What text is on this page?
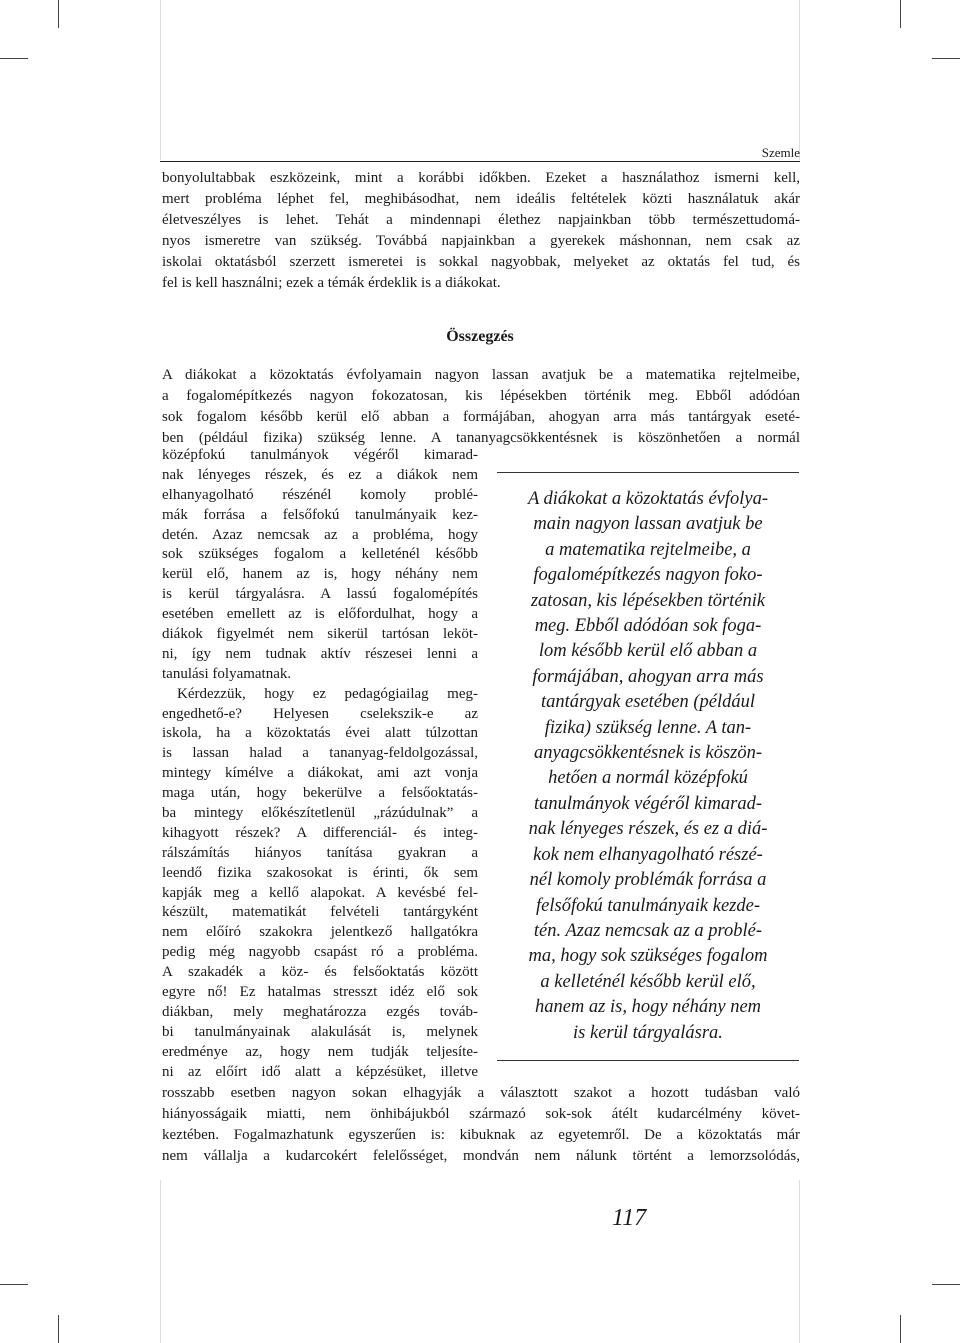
Szemle
bonyolultabbak eszközeink, mint a korábbi időkben. Ezeket a használathoz ismerni kell,
mert probléma léphet fel, meghibásodhat, nem ideális feltételek közti használatuk akár
életveszélyes is lehet. Tehát a mindennapi élethez napjainkban több természettudomá-
nyos ismeretre van szükség. Továbbá napjainkban a gyerekek máshonnan, nem csak az
iskolai oktatásból szerzett ismeretei is sokkal nagyobbak, melyeket az oktatás fel tud, és
fel is kell használni; ezek a témák érdeklik is a diákokat.
Összegzés
A diákokat a közoktatás évfolyamain nagyon lassan avatjuk be a matematika rejtelmeibe,
a fogalomépítkezés nagyon fokozatosan, kis lépésekben történik meg. Ebből adódóan
sok fogalom később kerül elő abban a formájában, ahogyan arra más tantárgyak eseté-
ben (például fizika) szükség lenne. A tananyagcsökkentésnek is köszönhetően a normál
középfokú tanulmányok végéről kimarad-
nak lényeges részek, és ez a diákok nem
elhanyagolható részénél komoly problé-
mák forrása a felsőfokú tanulmányaik kez-
detén. Azaz nemcsak az a probléma, hogy
sok szükséges fogalom a kelleténél később
kerül elő, hanem az is, hogy néhány nem
is kerül tárgyalásra. A lassú fogalomépítés
esetében emellett az is előfordulhat, hogy a
diákok figyelmét nem sikerül tartósan leköt-
ni, így nem tudnak aktív részesei lenni a
tanulási folyamatnak.
Kérdezzük, hogy ez pedagógiailag meg-
engedhető-e? Helyesen cselekszik-e az
iskola, ha a közoktatás évei alatt túlzottan
is lassan halad a tananyag-feldolgozással,
mintegy kímélve a diákokat, ami azt vonja
maga után, hogy bekerülve a felsőoktatás-
ba mintegy előkészítetlenül „rázúdulnak” a
kihagyott részek? A differenciál- és integ-
rálszámítás hiányos tanítása gyakran a
leendő fizika szakosokat is érinti, ők sem
kapják meg a kellő alapokat. A kevésbé fel-
készült, matematikát felvételi tantárgyként
nem előíró szakokra jelentkező hallgatókra
pedig még nagyobb csapást ró a probléma.
A szakadék a köz- és felsőoktatás között
egyre nő! Ez hatalmas stresszt idéz elő sok
diákban, mely meghatározza ezgés továb-
bi tanulmányainak alakulását is, melynek
eredménye az, hogy nem tudják teljesíte-
ni az előírt idő alatt a képzésüket, illetve
A diákokat a közoktatás évfolya-
main nagyon lassan avatjuk be
a matematika rejtelmeibe, a
fogalomépítkezés nagyon foko-
zatosan, kis lépésekben történik
meg. Ebből adódóan sok foga-
lom később kerül elő abban a
formájában, ahogyan arra más
tantárgyak esetében (például
fizika) szükség lenne. A tan-
anyagcsökkentésnek is köszön-
hetően a normál középfokú
tanulmányok végéről kimarad-
nak lényeges részek, és ez a diá-
kok nem elhanyagolható részé-
nél komoly problémák forrása a
felsőfokú tanulmányaik kezde-
tén. Azaz nemcsak az a problé-
ma, hogy sok szükséges fogalom
a kelleténél később kerül elő,
hanem az is, hogy néhány nem
is kerül tárgyalásra.
rosszabb esetben nagyon sokan elhagyják a választott szakot a hozott tudásban való
hiányosságaik miatti, nem önhibájukból származó sok-sok átélt kudarcélmény követ-
keztében. Fogalmazhatunk egyszerűen is: kibuknak az egyetemről. De a közoktatás már
nem vállalja a kudarcokért felelősséget, mondván nem nálunk történt a lemorzsolódás,
117
